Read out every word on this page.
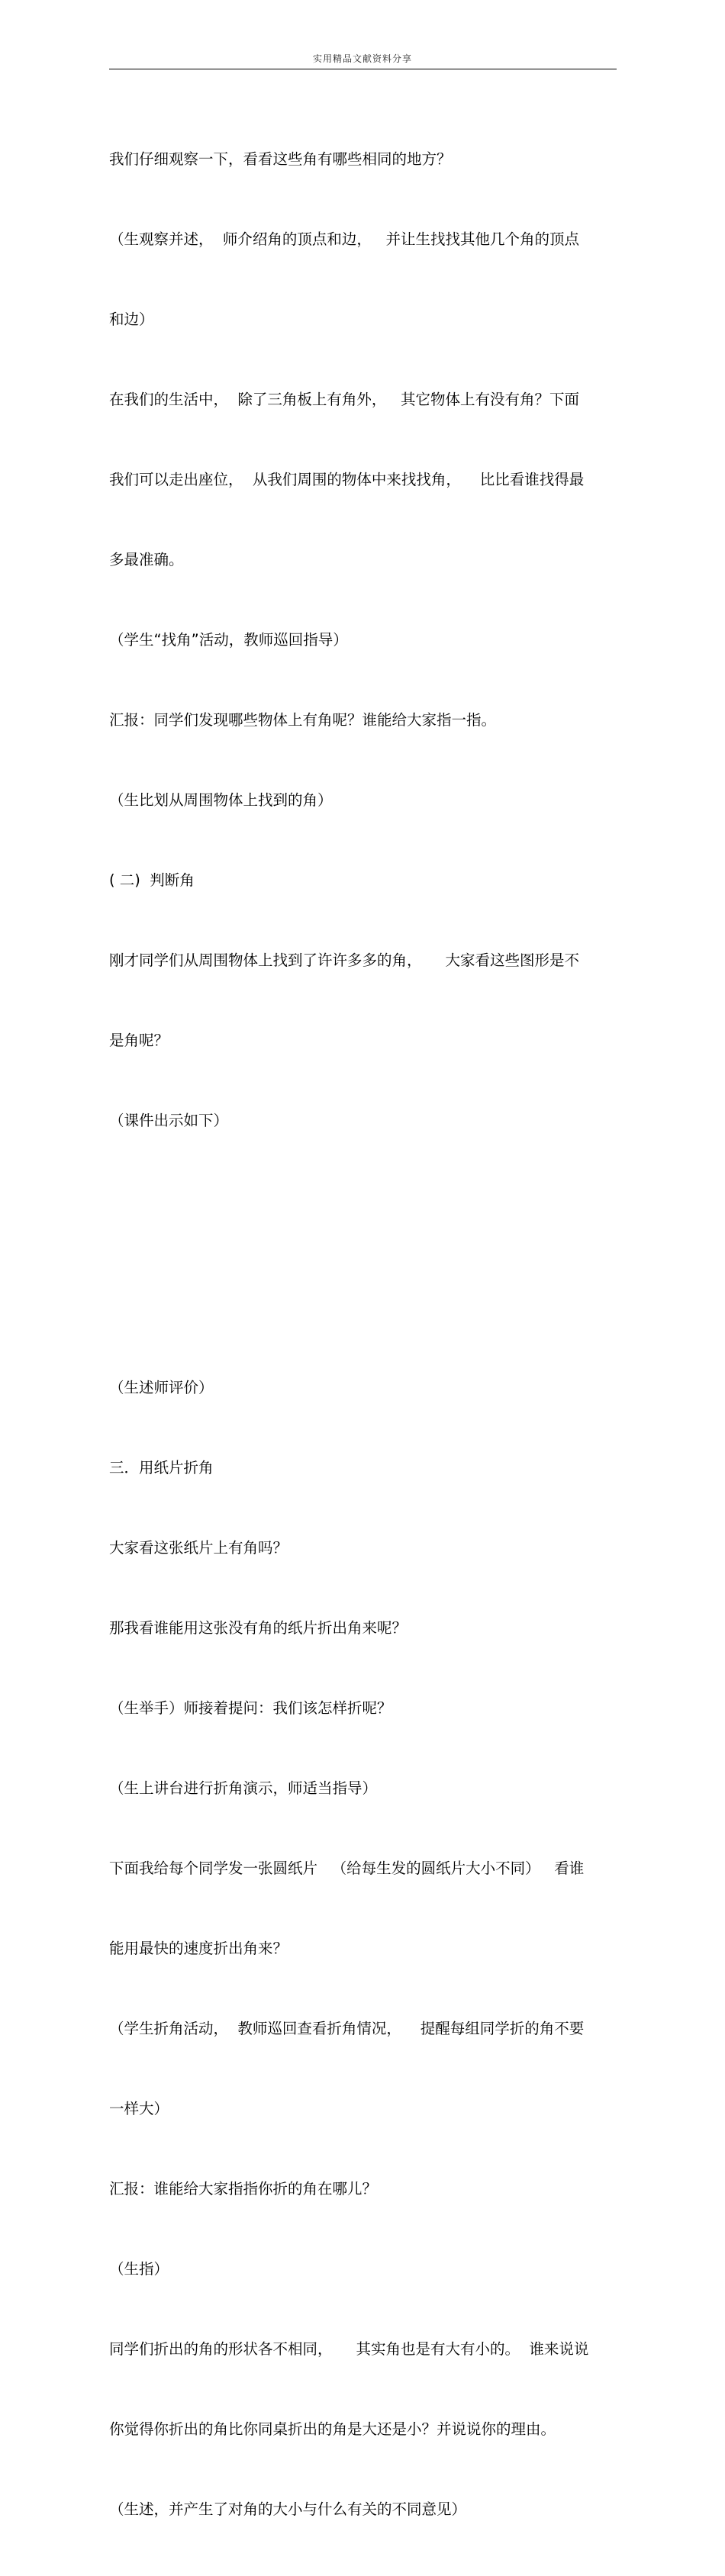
实用精品文献资料分享

我们仔细观察一下，看看这些角有哪些相同的地方？

（生观察并述，  师介绍角的顶点和边，   并让生找找其他几个角的顶点

和边）

在我们的生活中，  除了三角板上有角外，   其它物体上有没有角？下面

我们可以走出座位，  从我们周围的物体中来找找角，    比比看谁找得最

多最准确。

（学生“找角”活动，教师巡回指导）

汇报：同学们发现哪些物体上有角呢？谁能给大家指一指。

（生比划从周围物体上找到的角）

( 二)  判断角

刚才同学们从周围物体上找到了许许多多的角，     大家看这些图形是不

是角呢？

（课件出示如下）

（生述师评价）

三．用纸片折角

大家看这张纸片上有角吗？

那我看谁能用这张没有角的纸片折出角来呢？

（生举手）师接着提问：我们该怎样折呢？

（生上讲台进行折角演示，师适当指导）

下面我给每个同学发一张圆纸片   （给每生发的圆纸片大小不同）   看谁

能用最快的速度折出角来？

（学生折角活动，  教师巡回查看折角情况，    提醒每组同学折的角不要

一样大）

汇报：谁能给大家指指你折的角在哪儿？

（生指）

同学们折出的角的形状各不相同，     其实角也是有大有小的。  谁来说说

你觉得你折出的角比你同桌折出的角是大还是小？并说说你的理由。

（生述，并产生了对角的大小与什么有关的不同意见）
